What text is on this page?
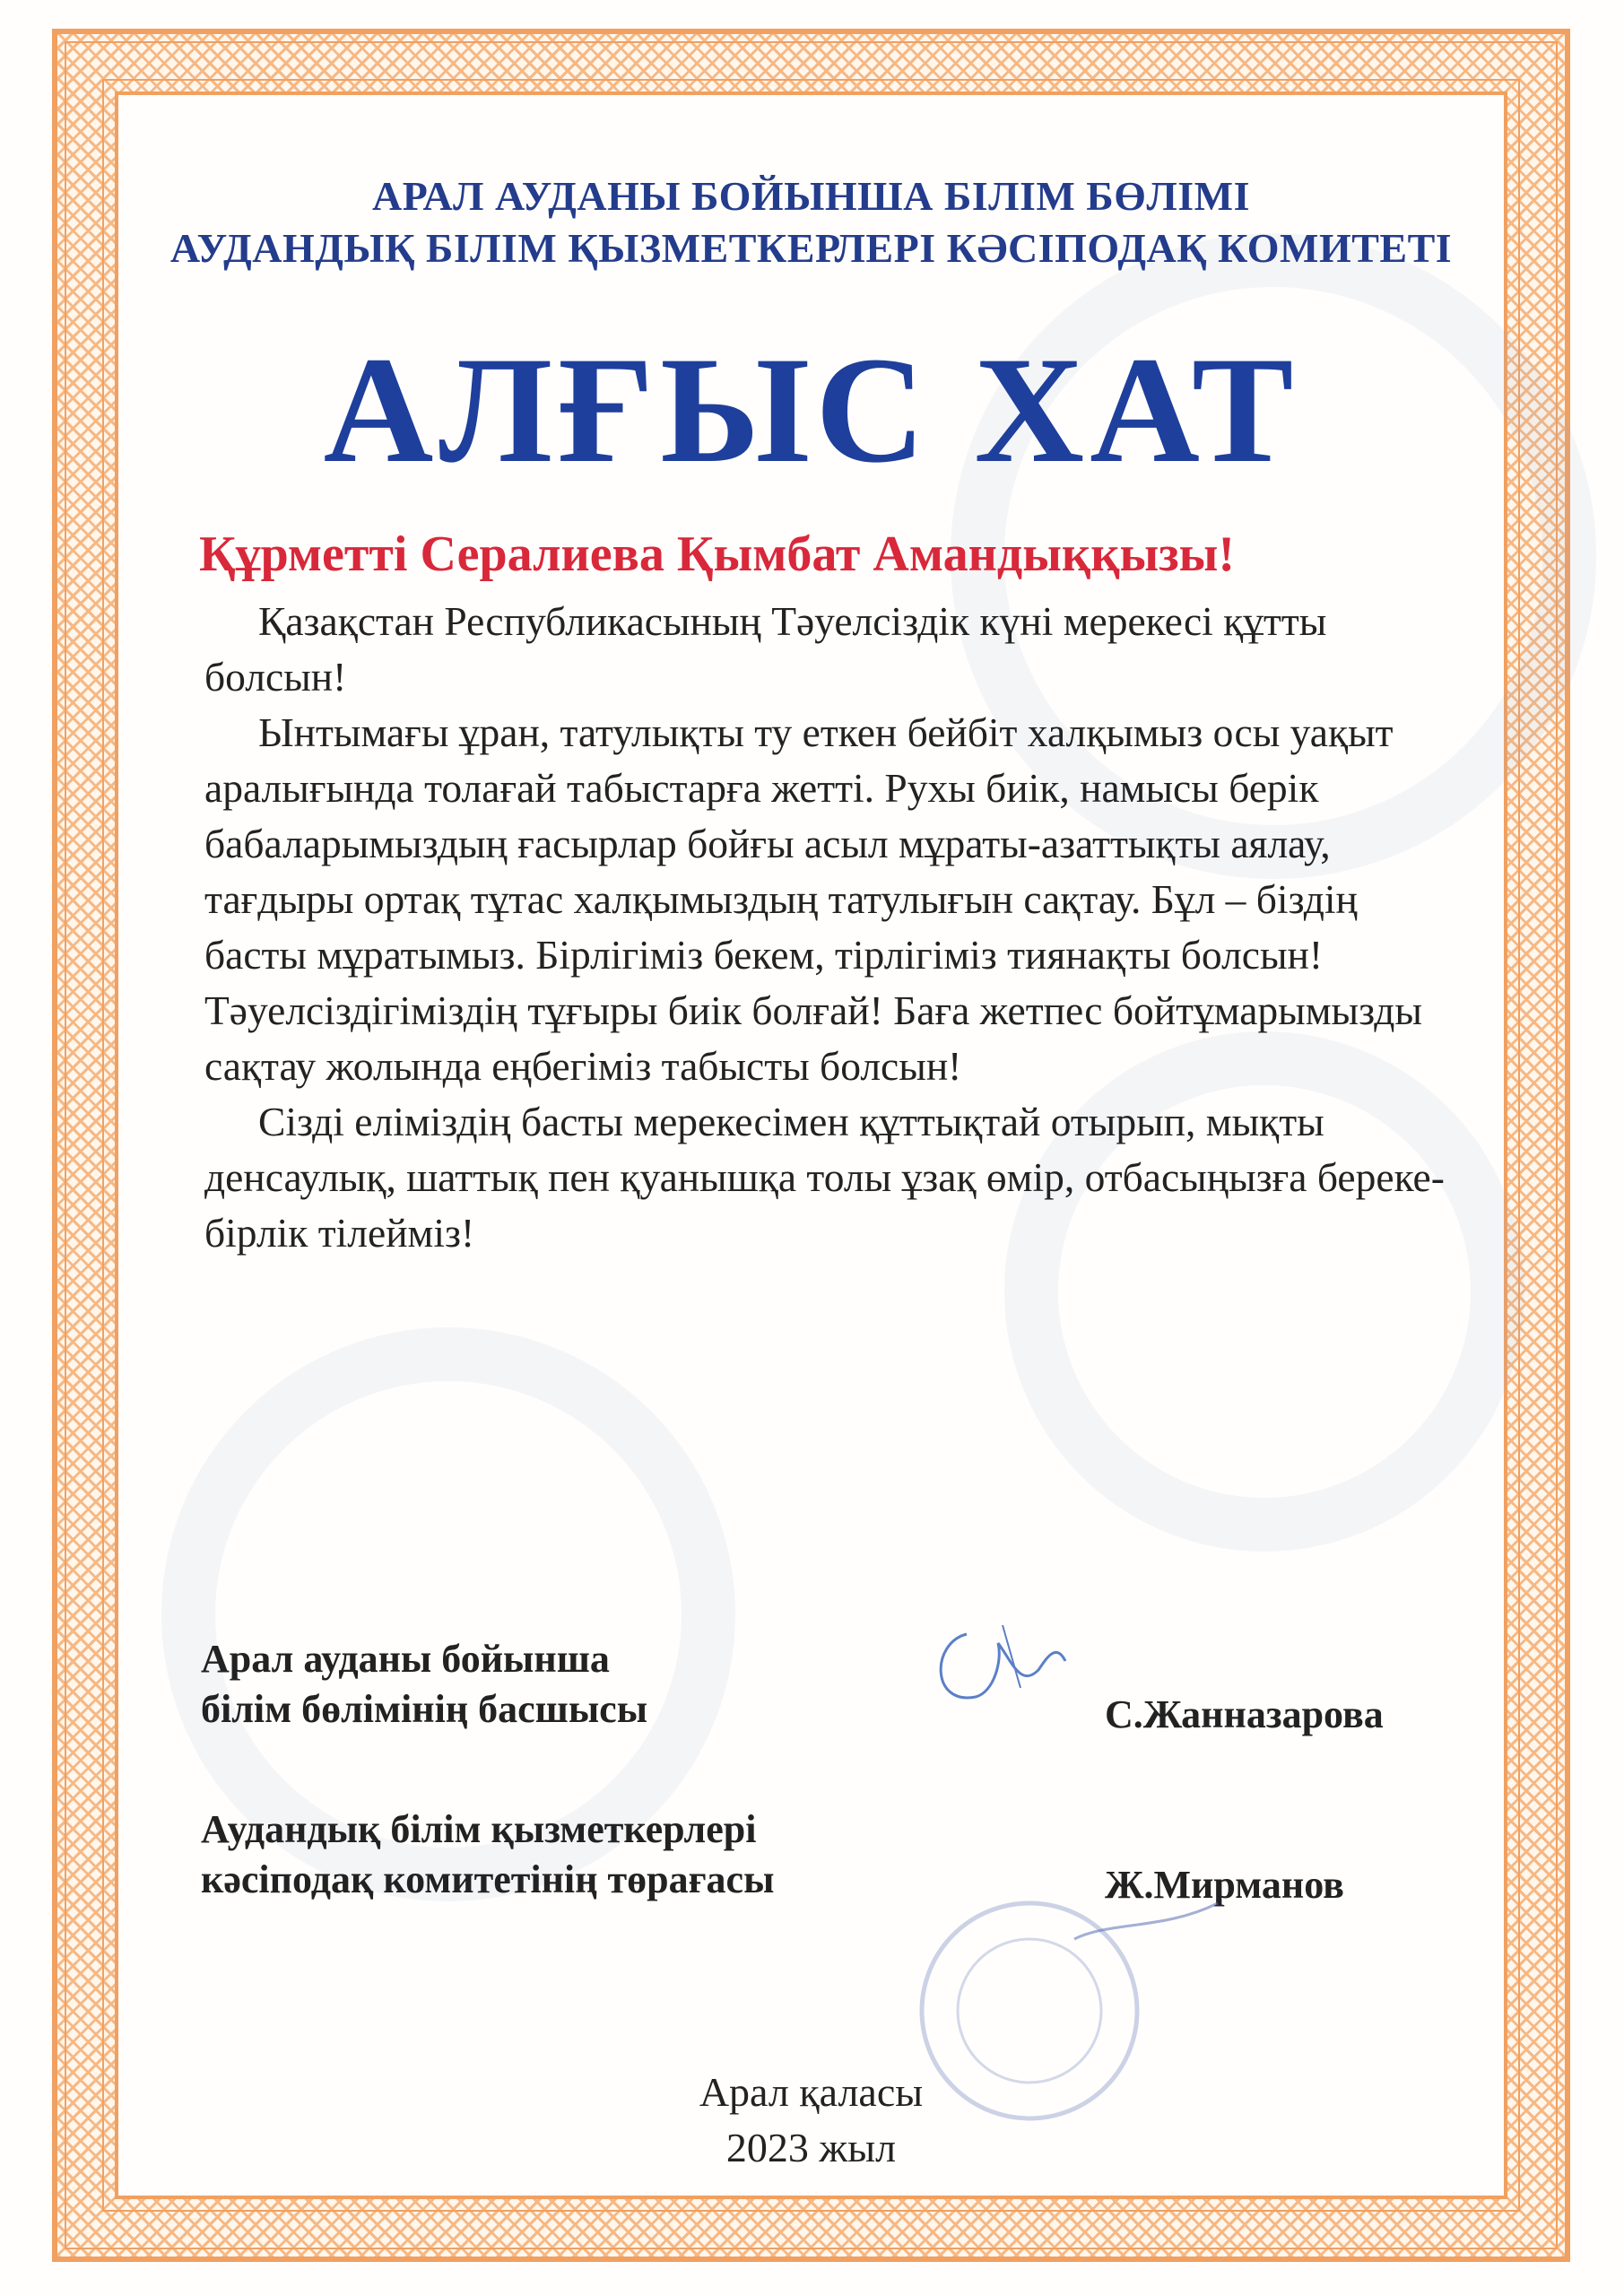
АРАЛ АУДАНЫ БОЙЫНША БІЛІМ БӨЛІМІ
АУДАНДЫҚ БІЛІМ ҚЫЗМЕТКЕРЛЕРІ КӘСІПОДАҚ КОМИТЕТІ
АЛҒЫС ХАТ
Құрметті Сералиева Қымбат Амандыққызы!

Қазақстан Республикасының Тәуелсіздік күні мерекесі құтты болсын!

Ынтымағы ұран, татулықты ту еткен бейбіт халқымыз осы уақыт аралығында толағай табыстарға жетті. Рухы биік, намысы берік бабаларымыздың ғасырлар бойғы асыл мұраты-азаттықты аялау, тағдыры ортақ тұтас халқымыздың татулығын сақтау. Бұл – біздің басты мұратымыз. Бірлігіміз бекем, тірлігіміз тиянақты болсын! Тәуелсіздігіміздің тұғыры биік болғай! Баға жетпес бойтұмарымызды сақтау жолында еңбегіміз табысты болсын!

Сізді еліміздің басты мерекесімен құттықтай отырып, мықты денсаулық, шаттық пен қуанышқа толы ұзақ өмір, отбасыңызға береке-бірлік тілейміз!

Арал ауданы бойынша
білім бөлімінің басшысы	С.Жанназарова
Аудандық білім қызметкерлері
кәсіподақ комитетінің төрағасы	Ж.Мирманов
Арал қаласы
2023 жыл
